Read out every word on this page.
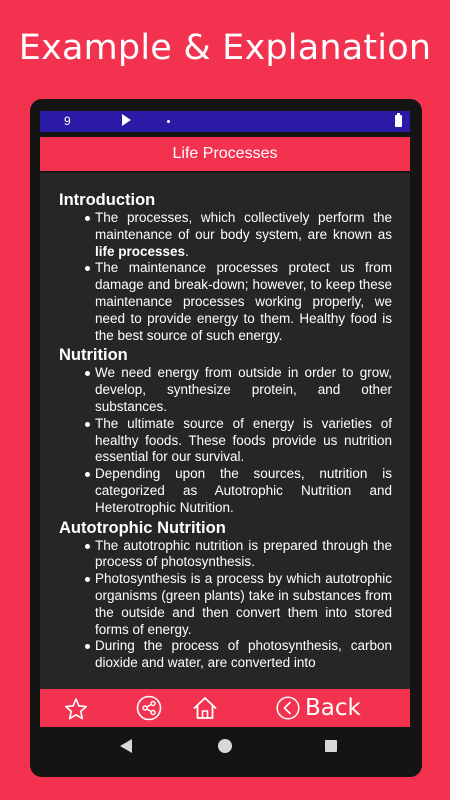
Example & Explanation
9
Life Processes
Introduction
The processes, which collectively perform the maintenance of our body system, are known as life processes.
The maintenance processes protect us from damage and break-down; however, to keep these maintenance processes working properly, we need to provide energy to them. Healthy food is the best source of such energy.
Nutrition
We need energy from outside in order to grow, develop, synthesize protein, and other substances.
The ultimate source of energy is varieties of healthy foods. These foods provide us nutrition essential for our survival.
Depending upon the sources, nutrition is categorized as Autotrophic Nutrition and Heterotrophic Nutrition.
Autotrophic Nutrition
The autotrophic nutrition is prepared through the process of photosynthesis.
Photosynthesis is a process by which autotrophic organisms (green plants) take in substances from the outside and then convert them into stored forms of energy.
During the process of photosynthesis, carbon dioxide and water, are converted into
Back
